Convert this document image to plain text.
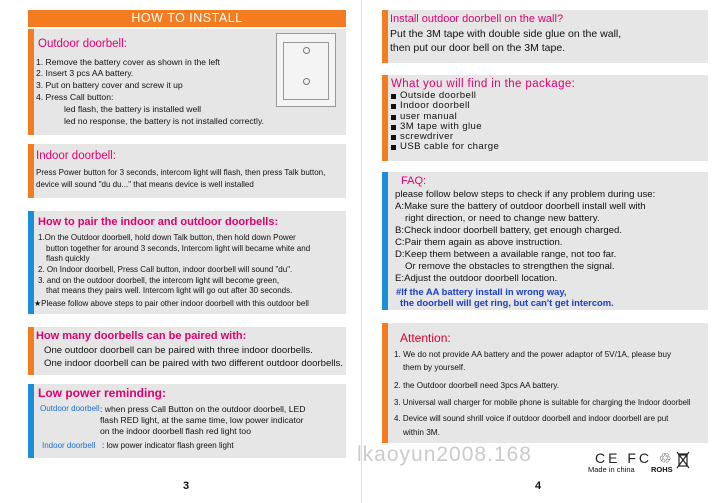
HOW TO INSTALL
Outdoor doorbell:
1. Remove the battery cover as shown in the left
2. Insert 3 pcs AA battery.
3. Put on battery cover and screw it up
4. Press Call button:
led flash, the battery is installed well
led no response, the battery is not installed correctly.
Indoor doorbell:
Press Power button for 3 seconds, intercom light will flash, then press Talk button,
device will sound "du du..." that means device is well installed
How to pair the indoor and outdoor doorbells:
1.On the Outdoor doorbell, hold down Talk button, then hold down Power
button together for around 3 seconds, Intercom light will became white and
flash quickly
2. On Indoor doorbell, Press Call button, indoor doorbell will sound "du".
3. and on the outdoor doorbell, the intercom light will become green,
that means they pairs well. Intercom light will go out after 30 seconds.
★Please follow above steps to pair other indoor doorbell with this outdoor bell
How many doorbells can be paired with:
One outdoor doorbell can be paired with three indoor doorbells.
One indoor doorbell can be paired with two different outdoor doorbells.
Low power reminding:
Outdoor doorbell : when press Call Button on the outdoor doorbell, LED
flash RED light, at the same time, low power indicator
on the indoor doorbell flash red light too
Indoor doorbell : low power indicator flash green light
3
Install outdoor doorbell on the wall?
Put the 3M tape with double side glue on the wall,
then put our door bell on the 3M tape.
What you will find in the package:
Outside doorbell
Indoor doorbell
user manual
3M tape with glue
screwdriver
USB cable for charge
FAQ:
please follow below steps to check if any problem during use:
A:Make sure the battery of outdoor doorbell install well with
right direction, or need to change new battery.
B:Check indoor doorbell battery, get enough charged.
C:Pair them again as above instruction.
D:Keep them between a available range, not too far.
Or remove the obstacles to strengthen the signal.
E:Adjust the outdoor doorbell location.
#If the AA battery install in wrong way,
the doorbell will get ring, but can't get intercom.
Attention:
1. We do not provide AA battery and the power adaptor of 5V/1A, please buy
them by yourself.
2. the Outdoor doorbell need 3pcs AA battery.
3. Universal wall charger for mobile phone is suitable for charging the Indoor doorbell
4. Device will sound shrill voice if outdoor doorbell and indoor doorbell are put
within 3M.
4
CE FC ♲
Made in china ROHS
lkaoyun2008.168
